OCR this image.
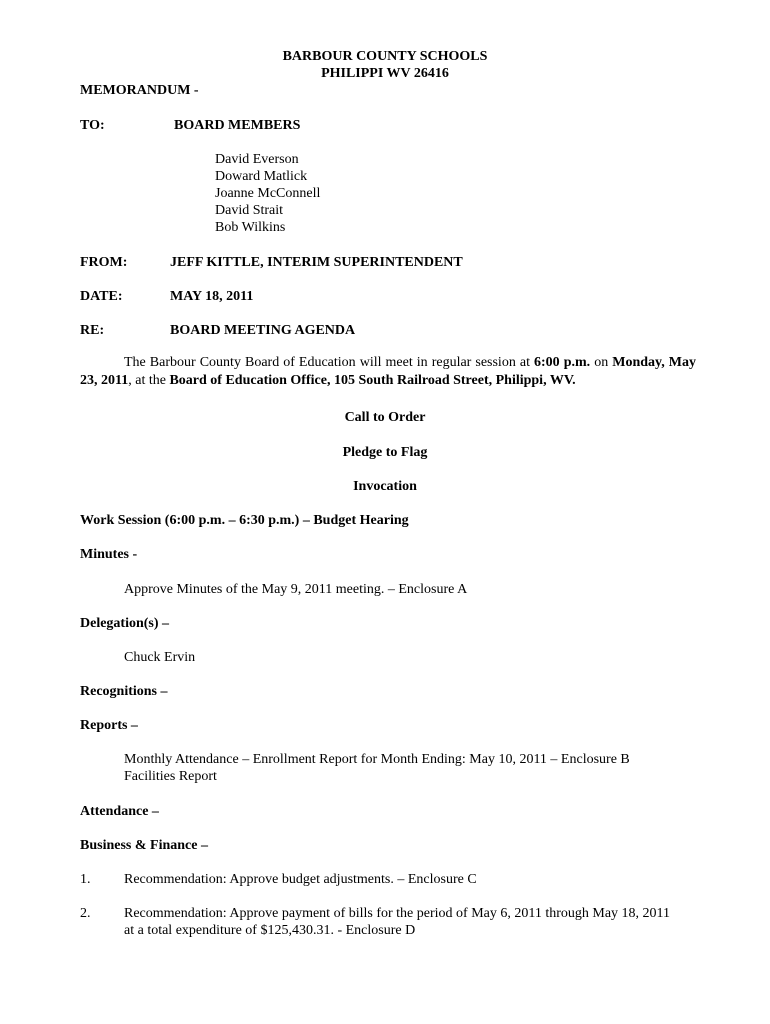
BARBOUR COUNTY SCHOOLS
PHILIPPI WV 26416
MEMORANDUM -
TO:	BOARD MEMBERS
David Everson
Doward Matlick
Joanne McConnell
David Strait
Bob Wilkins
FROM:	JEFF KITTLE, INTERIM SUPERINTENDENT
DATE:	MAY 18, 2011
RE:	BOARD MEETING AGENDA
The Barbour County Board of Education will meet in regular session at 6:00 p.m. on Monday, May 23, 2011, at the Board of Education Office, 105 South Railroad Street, Philippi, WV.
Call to Order
Pledge to Flag
Invocation
Work Session (6:00 p.m. – 6:30 p.m.) – Budget Hearing
Minutes -
Approve Minutes of the May 9, 2011 meeting. – Enclosure A
Delegation(s) –
Chuck Ervin
Recognitions –
Reports –
Monthly Attendance – Enrollment Report for Month Ending: May 10, 2011 – Enclosure B
Facilities Report
Attendance –
Business & Finance –
1. Recommendation: Approve budget adjustments. – Enclosure C
2. Recommendation: Approve payment of bills for the period of May 6, 2011 through May 18, 2011
at a total expenditure of $125,430.31. - Enclosure D
